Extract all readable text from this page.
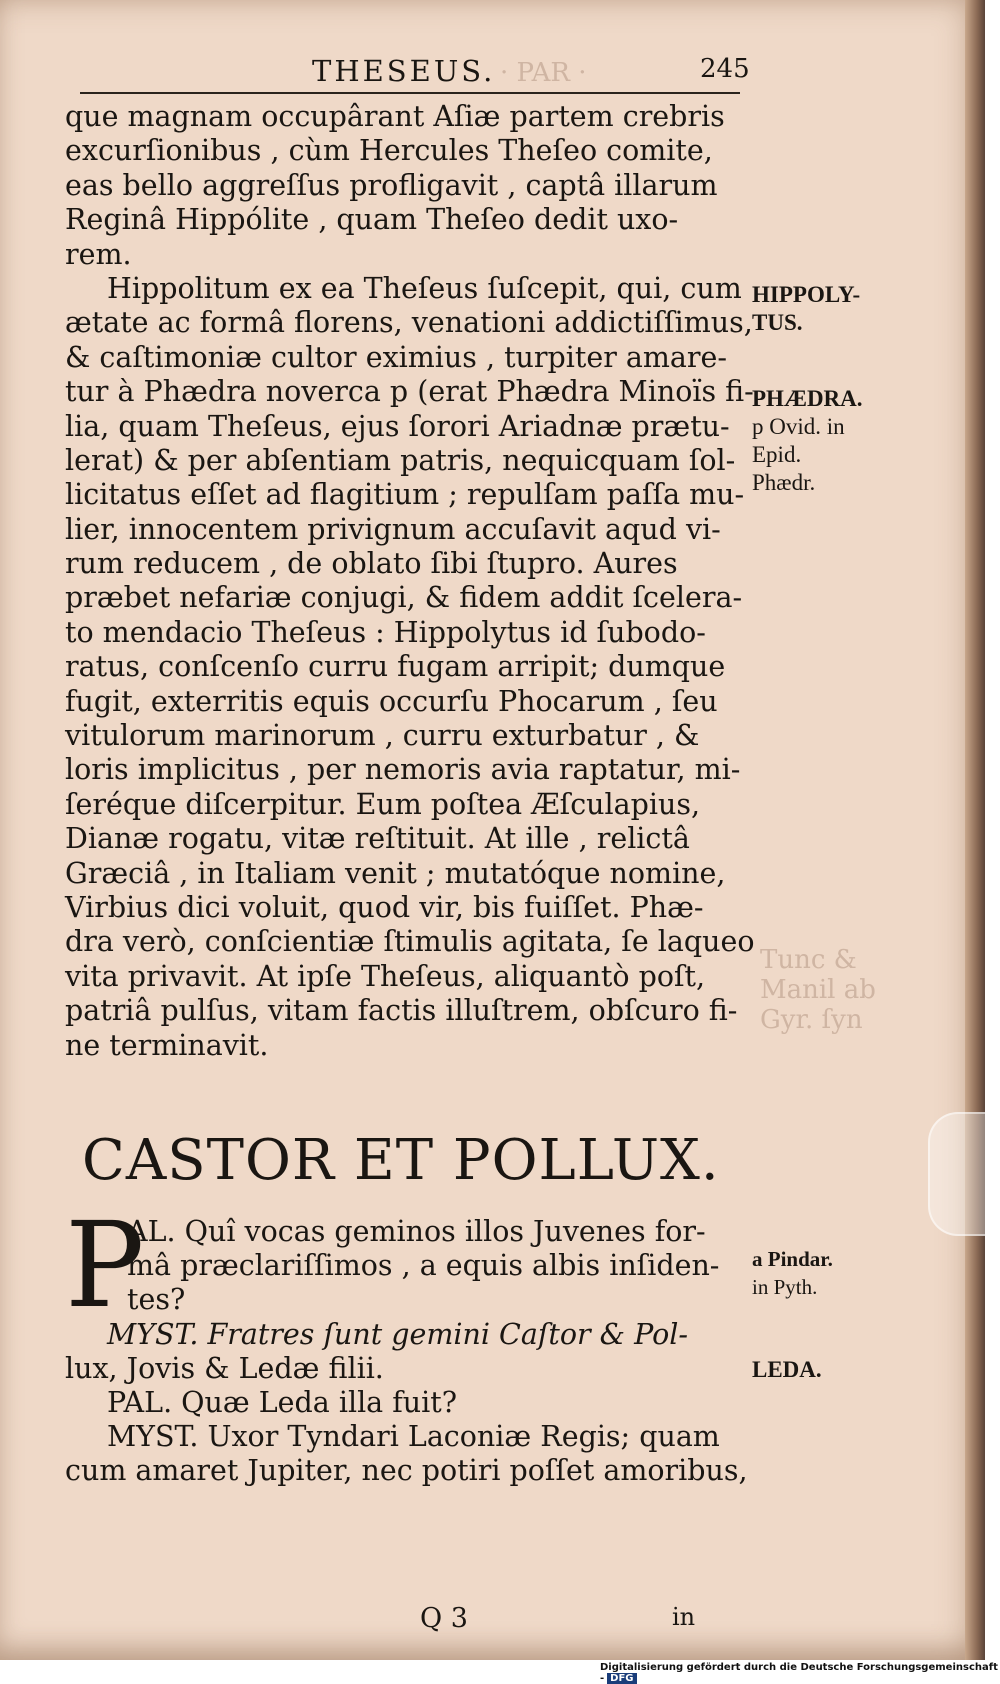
· PAR ·
Tunc &
Manil ab
Gyr. ſyn
THESEUS.	245
que magnam occupârant Aſiæ partem crebris
excurſionibus , cùm Hercules Theſeo comite,
eas bello aggreſſus profligavit , captâ illarum
Reginâ Hippólite , quam Theſeo dedit uxo-
rem.
Hippolitum ex ea Theſeus ſuſcepit, qui, cum
ætate ac formâ florens, venationi addictiſſimus,
& caſtimoniæ cultor eximius , turpiter amare-
tur à Phædra noverca p (erat Phædra Minoïs fi-
lia, quam Theſeus, ejus ſorori Ariadnæ prætu-
lerat) & per abſentiam patris, nequicquam ſol-
licitatus eſſet ad flagitium ; repulſam paſſa mu-
lier, innocentem privignum accuſavit aqud vi-
rum reducem , de oblato ſibi ſtupro. Aures
præbet nefariæ conjugi, & fidem addit ſcelera-
to mendacio Theſeus : Hippolytus id ſubodo-
ratus, conſcenſo curru fugam arripit; dumque
fugit, exterritis equis occurſu Phocarum , ſeu
vitulorum marinorum , curru exturbatur , &
loris implicitus , per nemoris avia raptatur, mi-
ſeréque diſcerpitur. Eum poſtea Æſculapius,
Dianæ rogatu, vitæ reſtituit. At ille , relictâ
Græciâ , in Italiam venit ; mutatóque nomine,
Virbius dici voluit, quod vir, bis fuiſſet. Phæ-
dra verò, conſcientiæ ſtimulis agitata, ſe laqueo
vita privavit. At ipſe Theſeus, aliquantò poſt,
patriâ pulſus, vitam factis illuſtrem, obſcuro fi-
ne terminavit.
HIPPOLY-
TUS.
PHÆDRA.
p Ovid. in
Epid.
Phædr.
a Pindar.
in Pyth.
LEDA.
CASTOR ET POLLUX.
P
AL. Quî vocas geminos illos Juvenes for-
mâ præclariſſimos , a equis albis inſiden-
tes?
MYST. Fratres ſunt gemini Caſtor & Pol-
lux, Jovis & Ledæ filii.
PAL. Quæ Leda illa fuit?
MYST. Uxor Tyndari Laconiæ Regis; quam
cum amaret Jupiter, nec potiri poſſet amoribus,
Q 3	in
Digitalisierung gefördert durch die Deutsche Forschungsgemeinschaft - DFG
